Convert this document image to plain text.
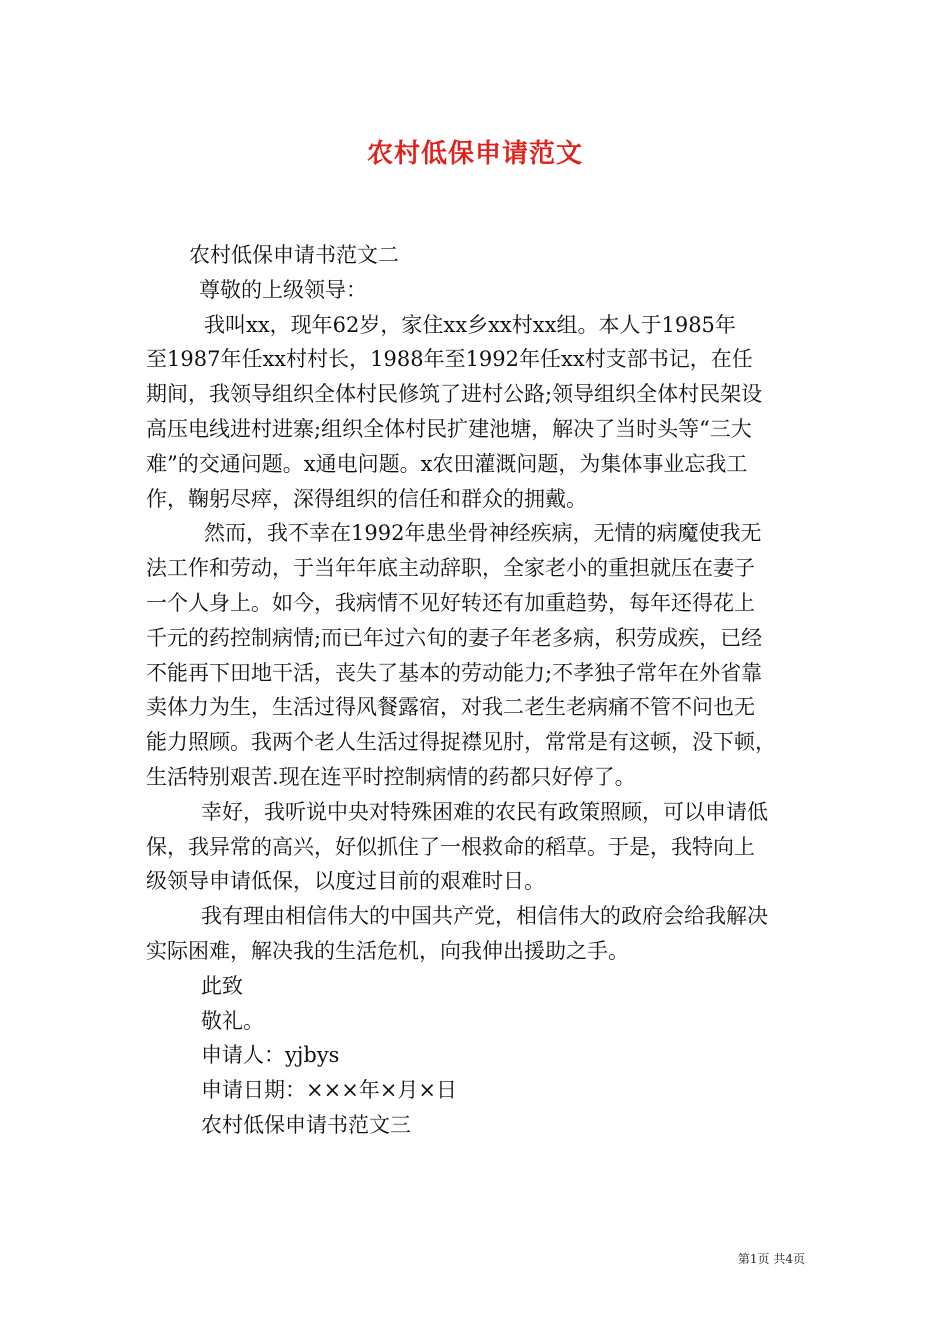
农村低保申请范文
农村低保申请书范文二
尊敬的上级领导：
我叫xx，现年62岁，家住xx乡xx村xx组。本人于1985年
至1987年任xx村村长，1988年至1992年任xx村支部书记，在任
期间，我领导组织全体村民修筑了进村公路;领导组织全体村民架设
高压电线进村进寨;组织全体村民扩建池塘，解决了当时头等“三大
难”的交通问题。x通电问题。x农田灌溉问题，为集体事业忘我工
作，鞠躬尽瘁，深得组织的信任和群众的拥戴。
然而，我不幸在1992年患坐骨神经疾病，无情的病魔使我无
法工作和劳动，于当年年底主动辞职，全家老小的重担就压在妻子
一个人身上。如今，我病情不见好转还有加重趋势，每年还得花上
千元的药控制病情;而已年过六旬的妻子年老多病，积劳成疾，已经
不能再下田地干活，丧失了基本的劳动能力;不孝独子常年在外省靠
卖体力为生，生活过得风餐露宿，对我二老生老病痛不管不问也无
能力照顾。我两个老人生活过得捉襟见肘，常常是有这顿，没下顿，
生活特别艰苦.现在连平时控制病情的药都只好停了。
幸好，我听说中央对特殊困难的农民有政策照顾，可以申请低
保，我异常的高兴，好似抓住了一根救命的稻草。于是，我特向上
级领导申请低保，以度过目前的艰难时日。
我有理由相信伟大的中国共产党，相信伟大的政府会给我解决
实际困难，解决我的生活危机，向我伸出援助之手。
此致
敬礼。
申请人：yjbys
申请日期：×××年×月×日
农村低保申请书范文三
第1页 共4页
